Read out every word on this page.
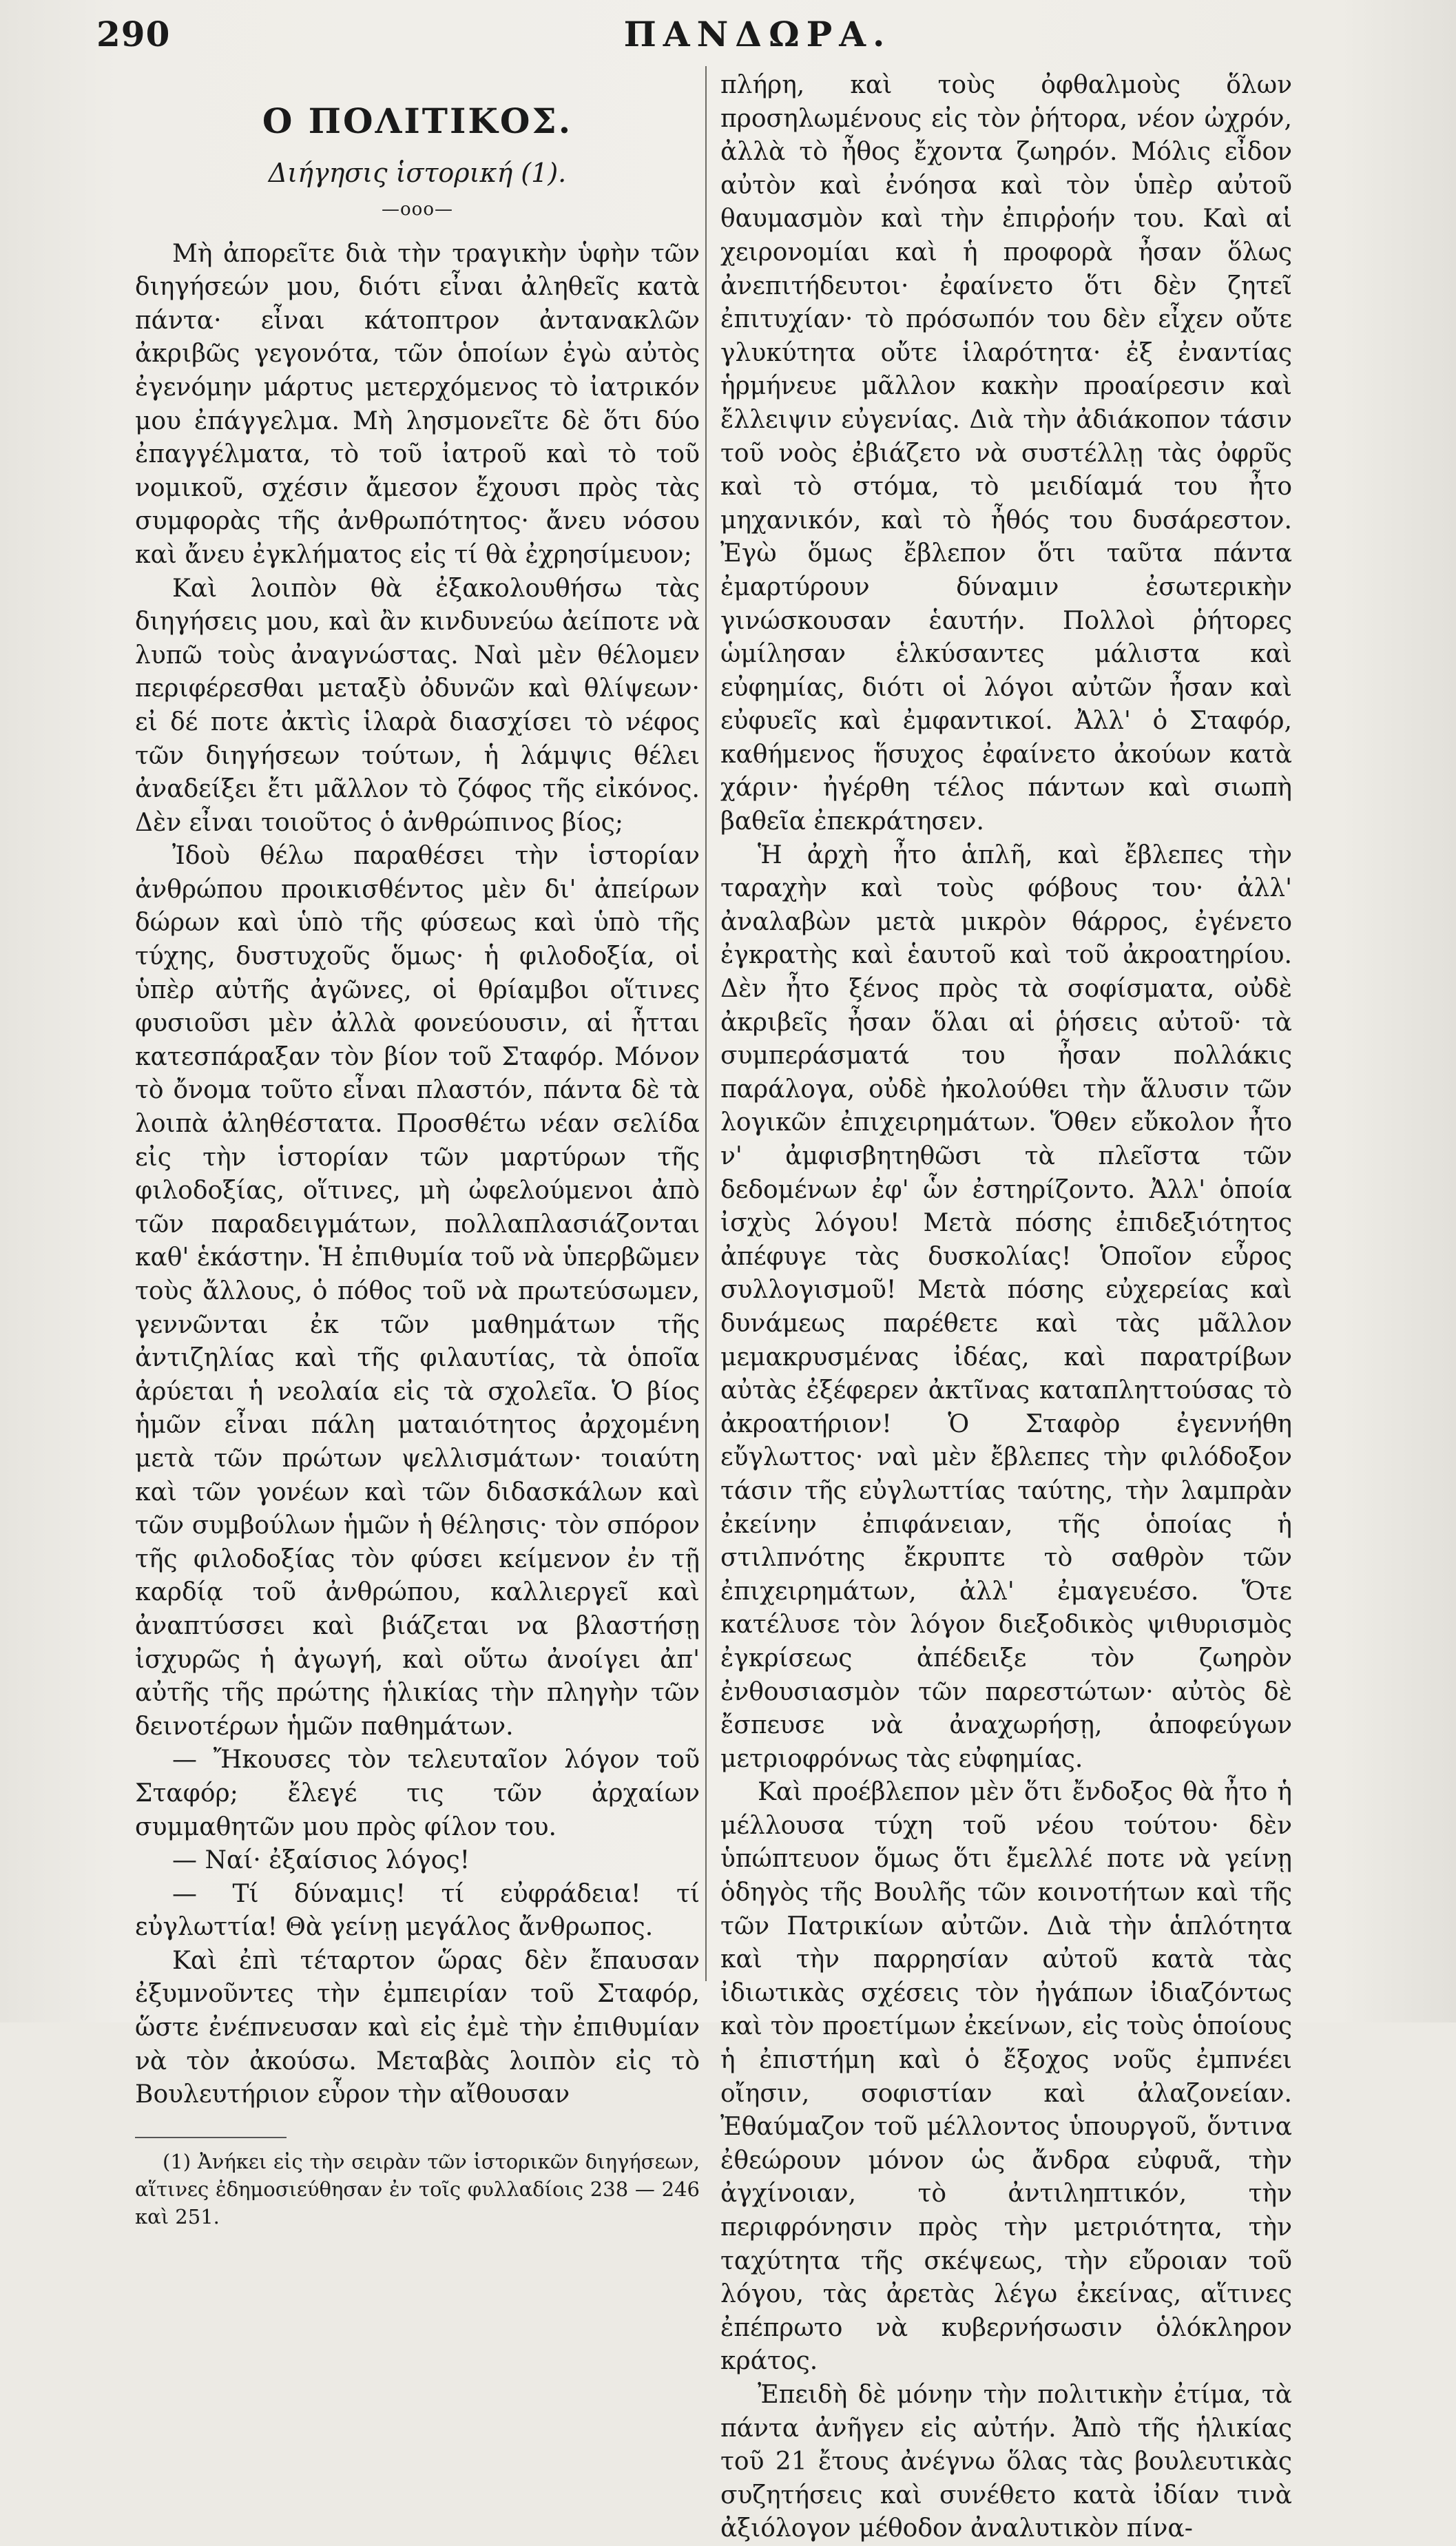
290	ΠΑΝΔΩΡΑ.
Ο ΠΟΛΙΤΙΚΟΣ.
Διήγησις ἱστορική (1).
—ooo—

Μὴ ἀπορεῖτε διὰ τὴν τραγικὴν ὑφὴν τῶν διηγήσεών μου, διότι εἶναι ἀληθεῖς κατὰ πάντα· εἶναι κάτοπτρον ἀντανακλῶν ἀκριβῶς γεγονότα, τῶν ὁποίων ἐγὼ αὐτὸς ἐγενόμην μάρτυς μετερχόμενος τὸ ἰατρικόν μου ἐπάγγελμα. Μὴ λησμονεῖτε δὲ ὅτι δύο ἐπαγγέλματα, τὸ τοῦ ἰατροῦ καὶ τὸ τοῦ νομικοῦ, σχέσιν ἄμεσον ἔχουσι πρὸς τὰς συμφορὰς τῆς ἀνθρωπότητος· ἄνευ νόσου καὶ ἄνευ ἐγκλήματος εἰς τί θὰ ἐχρησίμευον;

Καὶ λοιπὸν θὰ ἐξακολουθήσω τὰς διηγήσεις μου, καὶ ἂν κινδυνεύω ἀείποτε νὰ λυπῶ τοὺς ἀναγνώστας. Ναὶ μὲν θέλομεν περιφέρεσθαι μεταξὺ ὀδυνῶν καὶ θλίψεων· εἰ δέ ποτε ἀκτὶς ἱλαρὰ διασχίσει τὸ νέφος τῶν διηγήσεων τούτων, ἡ λάμψις θέλει ἀναδείξει ἔτι μᾶλλον τὸ ζόφος τῆς εἰκόνος. Δὲν εἶναι τοιοῦτος ὁ ἀνθρώπινος βίος;

Ἰδοὺ θέλω παραθέσει τὴν ἱστορίαν ἀνθρώπου προικισθέντος μὲν δι' ἀπείρων δώρων καὶ ὑπὸ τῆς φύσεως καὶ ὑπὸ τῆς τύχης, δυστυχοῦς ὅμως· ἡ φιλοδοξία, οἱ ὑπὲρ αὐτῆς ἀγῶνες, οἱ θρίαμβοι οἵτινες φυσιοῦσι μὲν ἀλλὰ φονεύουσιν, αἱ ἧτται κατεσπάραξαν τὸν βίον τοῦ Σταφόρ. Μόνον τὸ ὄνομα τοῦτο εἶναι πλαστόν, πάντα δὲ τὰ λοιπὰ ἀληθέστατα. Προσθέτω νέαν σελίδα εἰς τὴν ἱστορίαν τῶν μαρτύρων τῆς φιλοδοξίας, οἵτινες, μὴ ὠφελούμενοι ἀπὸ τῶν παραδειγμάτων, πολλαπλασιάζονται καθ' ἑκάστην. Ἡ ἐπιθυμία τοῦ νὰ ὑπερβῶμεν τοὺς ἄλλους, ὁ πόθος τοῦ νὰ πρωτεύσωμεν, γεννῶνται ἐκ τῶν μαθημάτων τῆς ἀντιζηλίας καὶ τῆς φιλαυτίας, τὰ ὁποῖα ἀρύεται ἡ νεολαία εἰς τὰ σχολεῖα. Ὁ βίος ἡμῶν εἶναι πάλη ματαιότητος ἀρχομένη μετὰ τῶν πρώτων ψελλισμάτων· τοιαύτη καὶ τῶν γονέων καὶ τῶν διδασκάλων καὶ τῶν συμβούλων ἡμῶν ἡ θέλησις· τὸν σπόρον τῆς φιλοδοξίας τὸν φύσει κείμενον ἐν τῇ καρδίᾳ τοῦ ἀνθρώπου, καλλιεργεῖ καὶ ἀναπτύσσει καὶ βιάζεται να βλαστήσῃ ἰσχυρῶς ἡ ἀγωγή, καὶ οὕτω ἀνοίγει ἀπ' αὐτῆς τῆς πρώτης ἡλικίας τὴν πληγὴν τῶν δεινοτέρων ἡμῶν παθημάτων.

— Ἤκουσες τὸν τελευταῖον λόγον τοῦ Σταφόρ; ἔλεγέ τις τῶν ἀρχαίων συμμαθητῶν μου πρὸς φίλον του.

— Ναί· ἐξαίσιος λόγος!

— Τί δύναμις! τί εὐφράδεια! τί εὐγλωττία! Θὰ γείνῃ μεγάλος ἄνθρωπος.

Καὶ ἐπὶ τέταρτον ὥρας δὲν ἔπαυσαν ἐξυμνοῦντες τὴν ἐμπειρίαν τοῦ Σταφόρ, ὥστε ἐνέπνευσαν καὶ εἰς ἐμὲ τὴν ἐπιθυμίαν νὰ τὸν ἀκούσω. Μεταβὰς λοιπὸν εἰς τὸ Βουλευτήριον εὗρον τὴν αἴθουσαν

(1) Ἀνήκει εἰς τὴν σειρὰν τῶν ἱστορικῶν διηγήσεων, αἵτινες ἐδημοσιεύθησαν ἐν τοῖς φυλλαδίοις 238 — 246 καὶ 251.

πλήρη, καὶ τοὺς ὀφθαλμοὺς ὅλων προσηλωμένους εἰς τὸν ῥήτορα, νέον ὠχρόν, ἀλλὰ τὸ ἦθος ἔχοντα ζωηρόν. Μόλις εἶδον αὐτὸν καὶ ἐνόησα καὶ τὸν ὑπὲρ αὐτοῦ θαυμασμὸν καὶ τὴν ἐπιρῥοήν του. Καὶ αἱ χειρονομίαι καὶ ἡ προφορὰ ἦσαν ὅλως ἀνεπιτήδευτοι· ἐφαίνετο ὅτι δὲν ζητεῖ ἐπιτυχίαν· τὸ πρόσωπόν του δὲν εἶχεν οὔτε γλυκύτητα οὔτε ἱλαρότητα· ἐξ ἐναντίας ἡρμήνευε μᾶλλον κακὴν προαίρεσιν καὶ ἔλλειψιν εὐγενίας. Διὰ τὴν ἀδιάκοπον τάσιν τοῦ νοὸς ἐβιάζετο νὰ συστέλλῃ τὰς ὀφρῦς καὶ τὸ στόμα, τὸ μειδίαμά του ἦτο μηχανικόν, καὶ τὸ ἦθός του δυσάρεστον. Ἐγὼ ὅμως ἔβλεπον ὅτι ταῦτα πάντα ἐμαρτύρουν δύναμιν ἐσωτερικὴν γινώσκουσαν ἑαυτήν. Πολλοὶ ῥήτορες ὡμίλησαν ἑλκύσαντες μάλιστα καὶ εὐφημίας, διότι οἱ λόγοι αὐτῶν ἦσαν καὶ εὐφυεῖς καὶ ἐμφαντικοί. Ἀλλ' ὁ Σταφόρ, καθήμενος ἥσυχος ἐφαίνετο ἀκούων κατὰ χάριν· ἠγέρθη τέλος πάντων καὶ σιωπὴ βαθεῖα ἐπεκράτησεν.

Ἡ ἀρχὴ ἦτο ἁπλῆ, καὶ ἔβλεπες τὴν ταραχὴν καὶ τοὺς φόβους του· ἀλλ' ἀναλαβὼν μετὰ μικρὸν θάρρος, ἐγένετο ἐγκρατὴς καὶ ἑαυτοῦ καὶ τοῦ ἀκροατηρίου. Δὲν ἦτο ξένος πρὸς τὰ σοφίσματα, οὐδὲ ἀκριβεῖς ἦσαν ὅλαι αἱ ῥήσεις αὐτοῦ· τὰ συμπεράσματά του ἦσαν πολλάκις παράλογα, οὐδὲ ἠκολούθει τὴν ἅλυσιν τῶν λογικῶν ἐπιχειρημάτων. Ὅθεν εὔκολον ἦτο ν' ἀμφισβητηθῶσι τὰ πλεῖστα τῶν δεδομένων ἐφ' ὧν ἐστηρίζοντο. Ἀλλ' ὁποία ἰσχὺς λόγου! Μετὰ πόσης ἐπιδεξιότητος ἀπέφυγε τὰς δυσκολίας! Ὁποῖον εὖρος συλλογισμοῦ! Μετὰ πόσης εὐχερείας καὶ δυνάμεως παρέθετε καὶ τὰς μᾶλλον μεμακρυσμένας ἰδέας, καὶ παρατρίβων αὐτὰς ἐξέφερεν ἀκτῖνας καταπληττούσας τὸ ἀκροατήριον! Ὁ Σταφὸρ ἐγεννήθη εὔγλωττος· ναὶ μὲν ἔβλεπες τὴν φιλόδοξον τάσιν τῆς εὐγλωττίας ταύτης, τὴν λαμπρὰν ἐκείνην ἐπιφάνειαν, τῆς ὁποίας ἡ στιλπνότης ἔκρυπτε τὸ σαθρὸν τῶν ἐπιχειρημάτων, ἀλλ' ἐμαγευέσο. Ὅτε κατέλυσε τὸν λόγον διεξοδικὸς ψιθυρισμὸς ἐγκρίσεως ἀπέδειξε τὸν ζωηρὸν ἐνθουσιασμὸν τῶν παρεστώτων· αὐτὸς δὲ ἔσπευσε νὰ ἀναχωρήσῃ, ἀποφεύγων μετριοφρόνως τὰς εὐφημίας.

Καὶ προέβλεπον μὲν ὅτι ἔνδοξος θὰ ἦτο ἡ μέλλουσα τύχη τοῦ νέου τούτου· δὲν ὑπώπτευον ὅμως ὅτι ἔμελλέ ποτε νὰ γείνῃ ὁδηγὸς τῆς Βουλῆς τῶν κοινοτήτων καὶ τῆς τῶν Πατρικίων αὐτῶν. Διὰ τὴν ἁπλότητα καὶ τὴν παρρησίαν αὐτοῦ κατὰ τὰς ἰδιωτικὰς σχέσεις τὸν ἠγάπων ἰδιαζόντως καὶ τὸν προετίμων ἐκείνων, εἰς τοὺς ὁποίους ἡ ἐπιστήμη καὶ ὁ ἔξοχος νοῦς ἐμπνέει οἴησιν, σοφιστίαν καὶ ἀλαζονείαν. Ἐθαύμαζον τοῦ μέλλοντος ὑπουργοῦ, ὅντινα ἐθεώρουν μόνον ὡς ἄνδρα εὐφυᾶ, τὴν ἀγχίνοιαν, τὸ ἀντιληπτικόν, τὴν περιφρόνησιν πρὸς τὴν μετριότητα, τὴν ταχύτητα τῆς σκέψεως, τὴν εὔροιαν τοῦ λόγου, τὰς ἀρετὰς λέγω ἐκείνας, αἵτινες ἐπέπρωτο νὰ κυβερνήσωσιν ὁλόκληρον κράτος.

Ἐπειδὴ δὲ μόνην τὴν πολιτικὴν ἐτίμα, τὰ πάντα ἀνῆγεν εἰς αὐτήν. Ἀπὸ τῆς ἡλικίας τοῦ 21 ἔτους ἀνέγνω ὅλας τὰς βουλευτικὰς συζητήσεις καὶ συνέθετο κατὰ ἰδίαν τινὰ ἀξιόλογον μέθοδον ἀναλυτικὸν πίνα-
